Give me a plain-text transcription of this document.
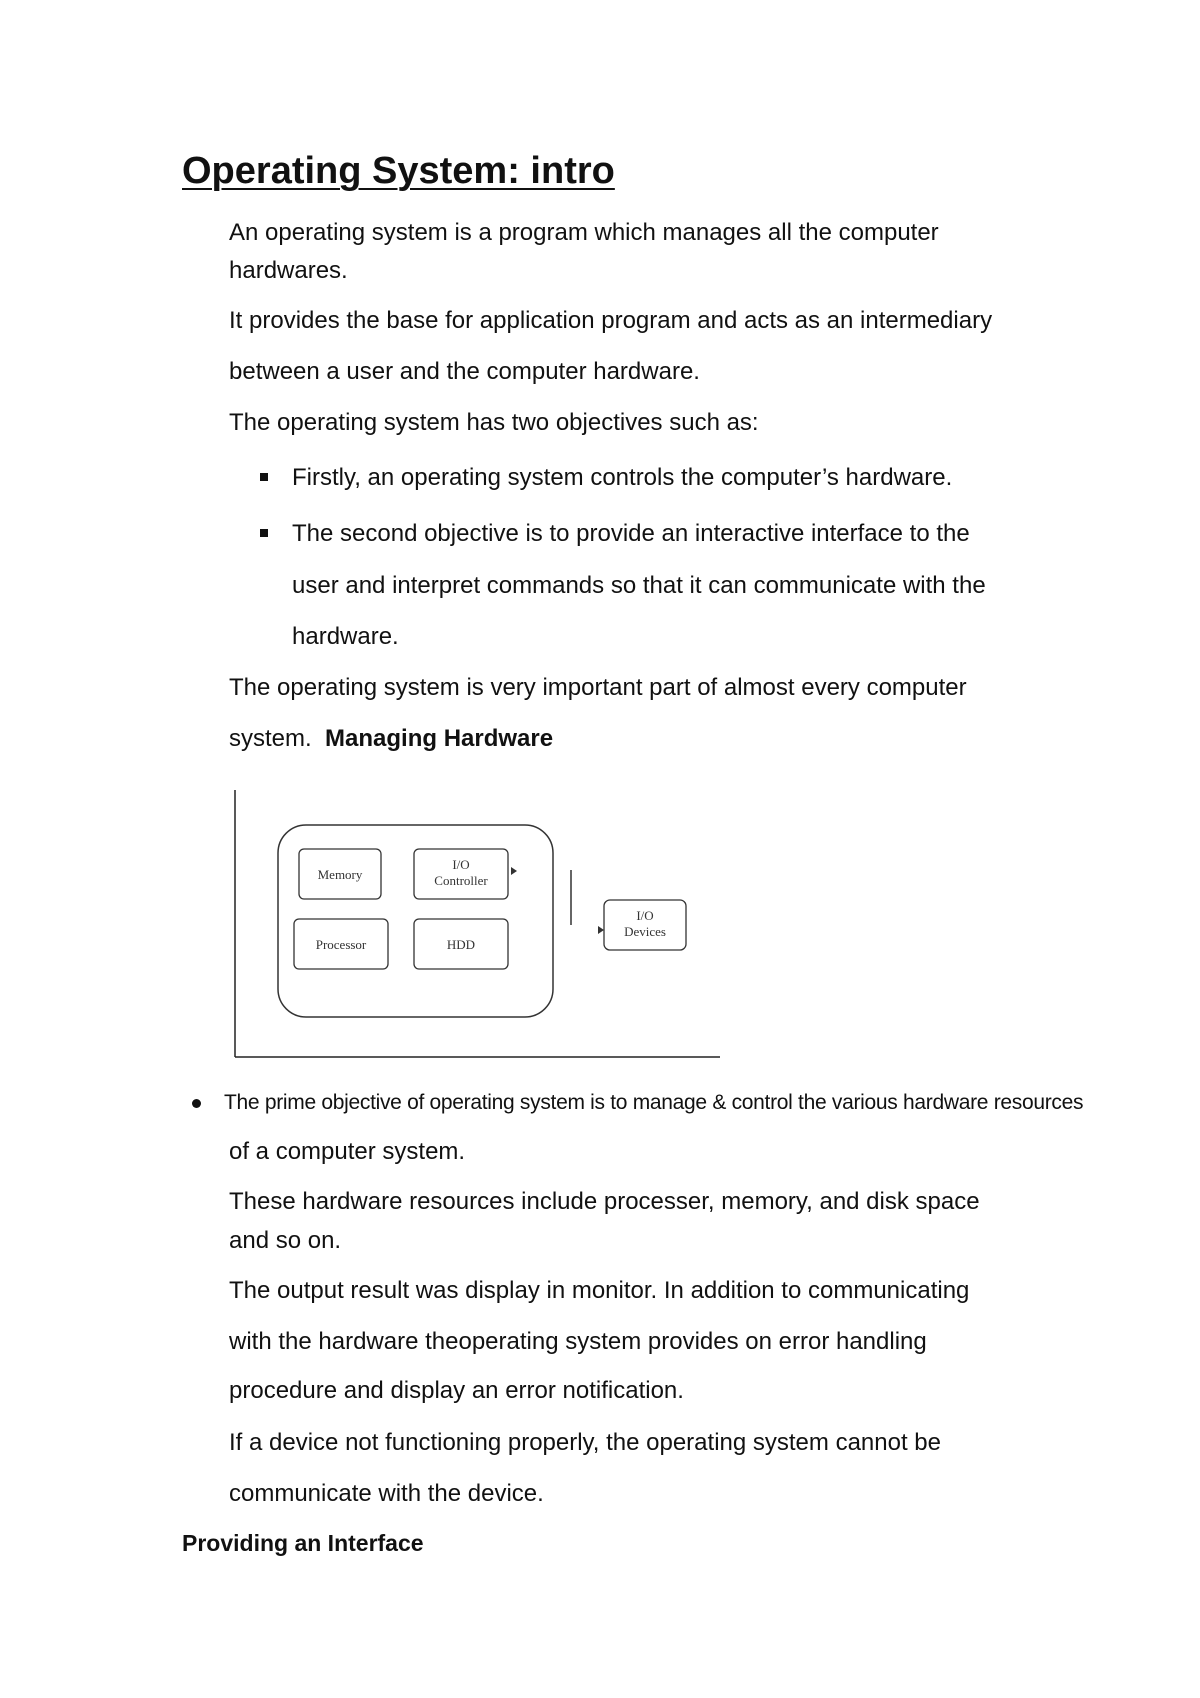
Operating System: intro
An operating system is a program which manages all the computer
hardwares.
It provides the base for application program and acts as an intermediary
between a user and the computer hardware.
The operating system has two objectives such as:
Firstly, an operating system controls the computer’s hardware.
The second objective is to provide an interactive interface to the
user and interpret commands so that it can communicate with the
hardware.
The operating system is very important part of almost every computer
system. Managing Hardware
Memory
I/O
Controller
Processor	HDD
I/O
Devices
The prime objective of operating system is to manage & control the various hardware resources
of a computer system.
These hardware resources include processer, memory, and disk space
and so on.
The output result was display in monitor. In addition to communicating
with the hardware theoperating system provides on error handling
procedure and display an error notification.
If a device not functioning properly, the operating system cannot be
communicate with the device.
Providing an Interface
